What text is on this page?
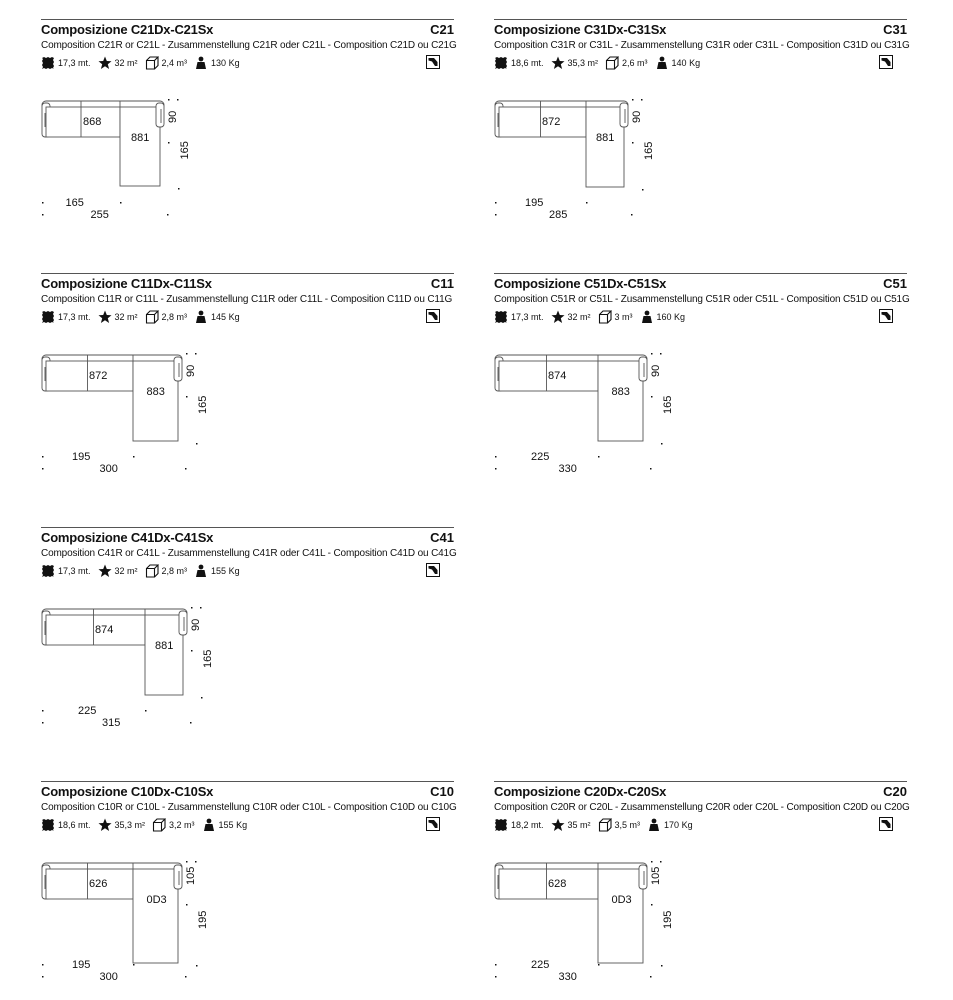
Composizione C21Dx-C21Sx	C21
Composition C21R or C21L - Zusammenstellung C21R oder C21L - Composition C21D ou C21G
17,3 mt.	32 m²	2,4 m³	130 Kg
868
881
90
165
165
255
Composizione C31Dx-C31Sx	C31
Composition C31R or C31L - Zusammenstellung C31R oder C31L - Composition C31D ou C31G
18,6 mt.	35,3 m²	2,6 m³	140 Kg
872
881
90
165
195
285
Composizione C11Dx-C11Sx	C11
Composition C11R or C11L - Zusammenstellung C11R oder C11L - Composition C11D ou C11G
17,3 mt.	32 m²	2,8 m³	145 Kg
872
883
90
165
195
300
Composizione C51Dx-C51Sx	C51
Composition C51R or C51L - Zusammenstellung C51R oder C51L - Composition C51D ou C51G
17,3 mt.	32 m²	3 m³	160 Kg
874
883
90
165
225
330
Composizione C41Dx-C41Sx	C41
Composition C41R or C41L - Zusammenstellung C41R oder C41L - Composition C41D ou C41G
17,3 mt.	32 m²	2,8 m³	155 Kg
874
881
90
165
225
315
Composizione C10Dx-C10Sx	C10
Composition C10R or C10L - Zusammenstellung C10R oder C10L - Composition C10D ou C10G
18,6 mt.	35,3 m²	3,2 m³	155 Kg
626
0D3
105
195
195
300
Composizione C20Dx-C20Sx	C20
Composition C20R or C20L - Zusammenstellung C20R oder C20L - Composition C20D ou C20G
18,2 mt.	35 m²	3,5 m³	170 Kg
628
0D3
105
195
225
330
